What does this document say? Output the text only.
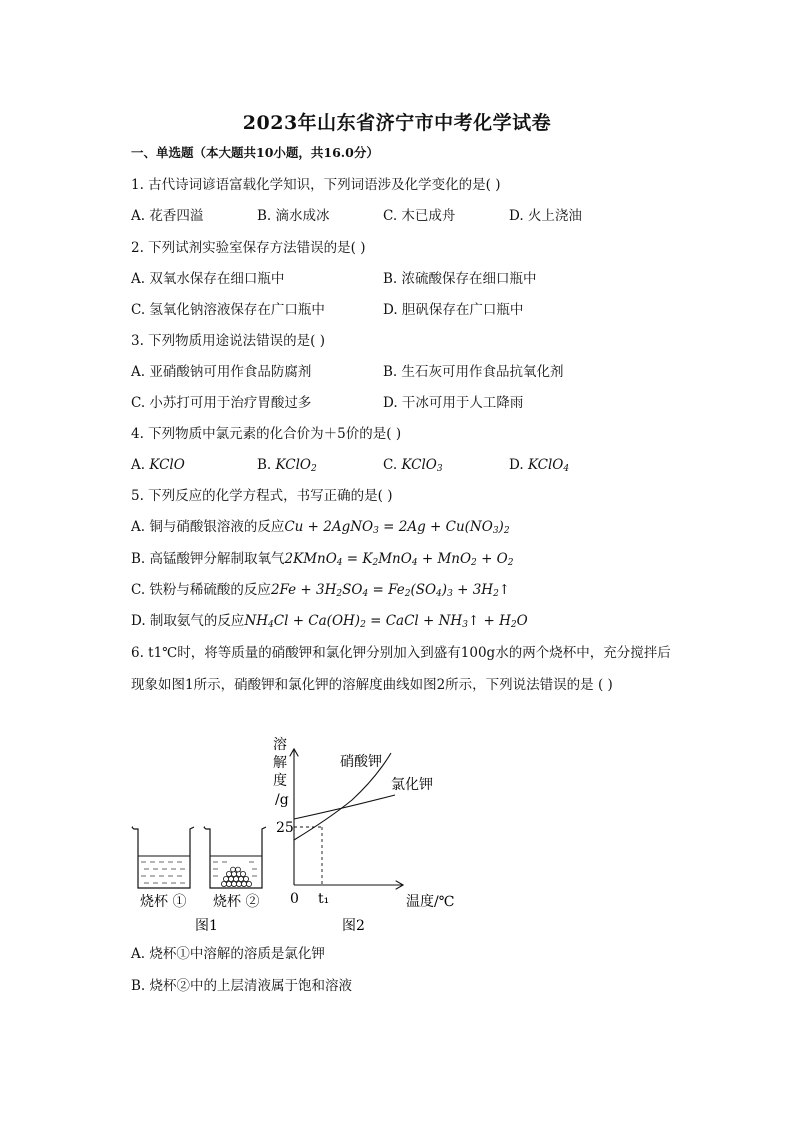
2023年山东省济宁市中考化学试卷
一、单选题（本大题共10小题，共16.0分）
1. 古代诗词谚语富载化学知识，下列词语涉及化学变化的是( )
A. 花香四溢	B. 滴水成冰	C. 木已成舟	D. 火上浇油
2. 下列试剂实验室保存方法错误的是( )
A. 双氧水保存在细口瓶中	B. 浓硫酸保存在细口瓶中
C. 氢氧化钠溶液保存在广口瓶中	D. 胆矾保存在广口瓶中
3. 下列物质用途说法错误的是( )
A. 亚硝酸钠可用作食品防腐剂	B. 生石灰可用作食品抗氧化剂
C. 小苏打可用于治疗胃酸过多	D. 干冰可用于人工降雨
4. 下列物质中氯元素的化合价为＋5价的是( )
A. KClO	B. KClO$_2$	C. KClO$_3$	D. KClO$_4$
5. 下列反应的化学方程式，书写正确的是( )
A. 铜与硝酸银溶液的反应Cu + 2AgNO$_3$ = $2Ag + Cu(NO_3)_2$
B. 高锰酸钾分解制取氧气2KMnO$_4$ = $K_2MnO_4 + MnO_2 + O_2$
C. 铁粉与稀硫酸的反应$2Fe + 3H_2SO_4 = Fe_2(SO_4)_3$ + $3H_2↑$
D. 制取氨气的反应$NH_4Cl + Ca(OH)_2$ = CaCl + $NH_3↑ + H_2O$
6. t1℃时，将等质量的硝酸钾和氯化钾分别加入到盛有100g水的两个烧杯中，充分搅拌后
现象如图1所示，硝酸钾和氯化钾的溶解度曲线如图2所示，下列说法错误的是 ( )
烧杯 ① 烧杯 ②
图1	图2
溶
解
度
/g
25
0 t₁	温度/℃
硝酸钾
氯化钾
A. 烧杯①中溶解的溶质是氯化钾
B. 烧杯②中的上层清液属于饱和溶液
